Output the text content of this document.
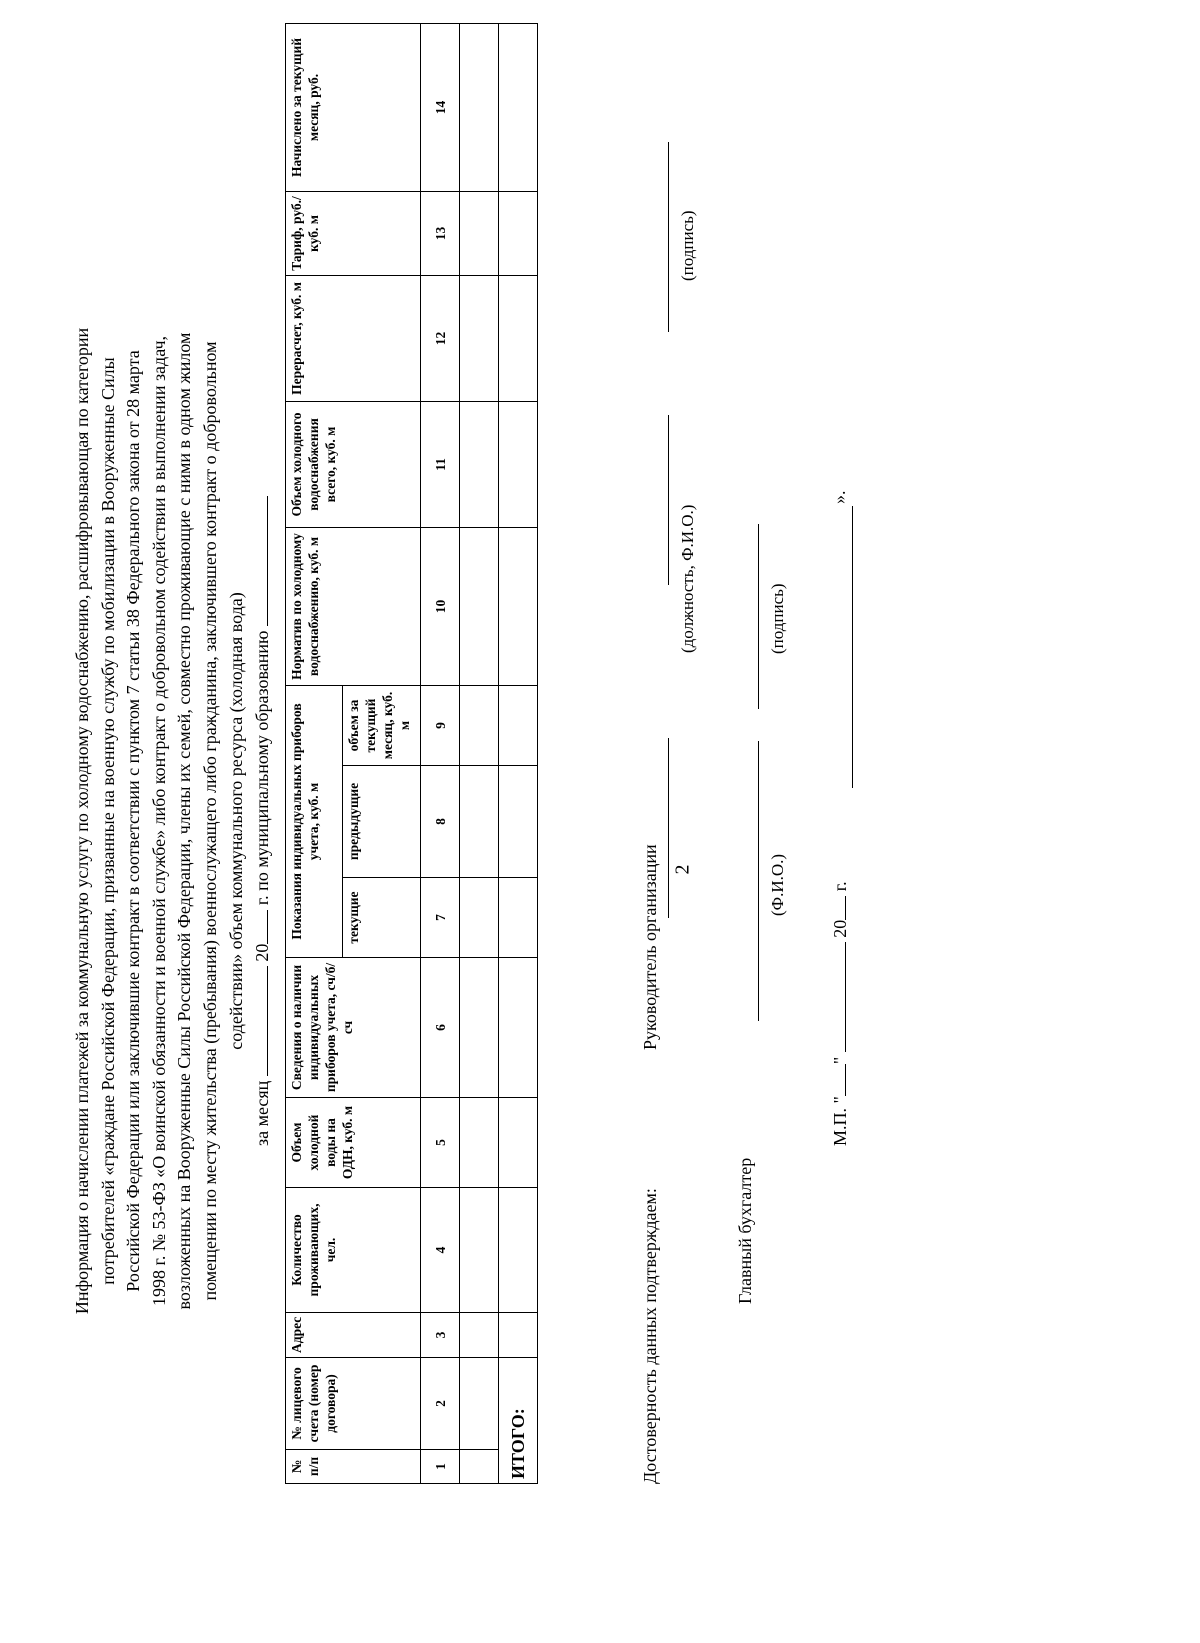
2

Информация о начислении платежей за коммунальную услугу по холодному водоснабжению, расшифровывающая по категории потребителей «граждане Российской Федерации, призванные на военную службу по мобилизации в Вооруженные Силы Российской Федерации или заключившие контракт в соответствии с пунктом 7 статьи 38 Федерального закона от 28 марта 1998 г. № 53-ФЗ «О воинской обязанности и военной службе» либо контракт о добровольном содействии в выполнении задач, возложенных на Вооруженные Силы Российской Федерации, члены их семей, совместно проживающие с ними в одном жилом помещении по месту жительства (пребывания) военнослужащего либо гражданина, заключившего контракт о добровольном содействии» объем коммунального ресурса (холодная вода)

за месяц  20 г. по муниципальному образованию
№ п/п	№ лицевого счета (номер договора)	Адрес	Количество проживающих, чел.	Объем холодной воды на ОДН, куб. м	Сведения о наличии индивидуальных приборов учета, сч/б/сч	Показания индивидуальных приборов учета, куб. м			Норматив по холодному водоснабжению, куб. м	Объем холодного водоснабжения всего, куб. м	Перерасчет, куб. м	Тариф, руб./куб. м	Начислено за текущий месяц, руб.
						текущие	предыдущие	объем за текущий месяц, куб. м					
1	2	3	4	5	6	7	8	9	10	11	12	13	14

ИТОГО:														Достоверность данных подтверждаем:
Руководитель организации
(должность, Ф.И.О.)
(подпись)
Главный бухгалтер
(Ф.И.О.)
(подпись)
М.П. ""  20 г.
».
